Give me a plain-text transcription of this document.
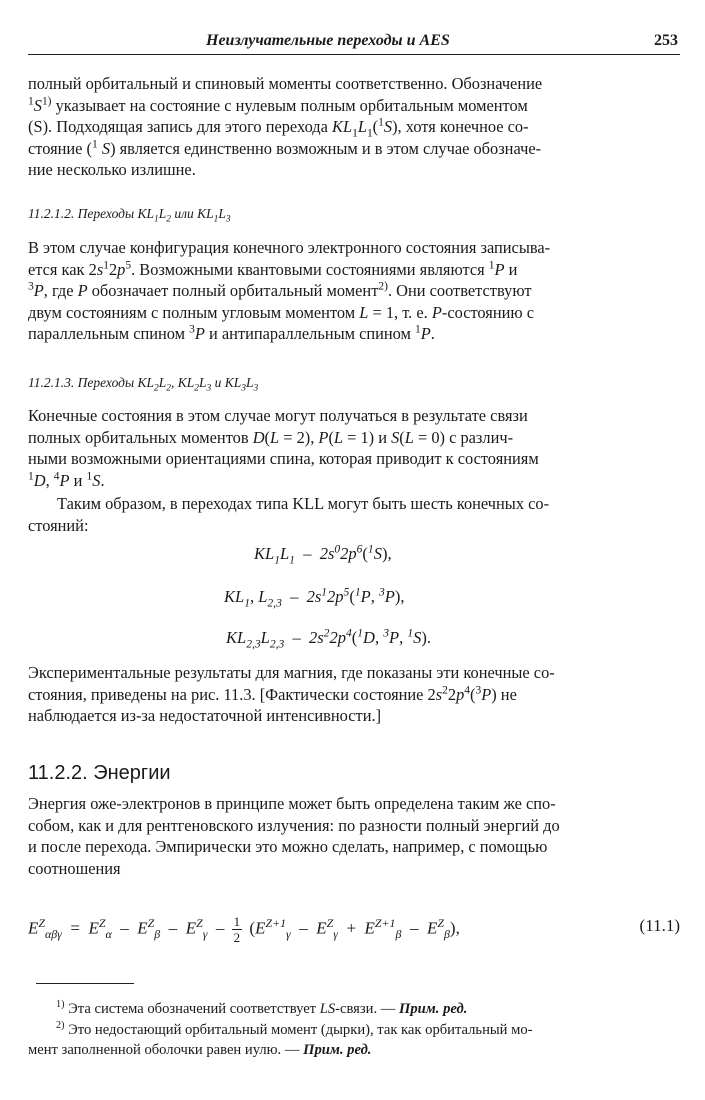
Неизлучательные переходы и AES	253
полный орбитальный и спиновый моменты соответственно. Обозначение
$^1S^{1)}$ указывает на состояние с нулевым полным орбитальным моментом
(S). Подходящая запись для этого перехода $KL_1L_1(^1S)$, хотя конечное со-
стояние ($^1$ S) является единственно возможным и в этом случае обозначе-
ние несколько излишне.
11.2.1.2. Переходы $KL_1L_2$ или $KL_1L_3$
В этом случае конфигурация конечного электронного состояния записыва-
ется как $2s^12p^5$. Возможными квантовыми состояниями являются $^1$P и
$^3$P, где P обозначает полный орбитальный момент$^{2)}$. Они соответствуют
двум состояниям с полным угловым моментом L = 1, т. е. P-состоянию с
параллельным спином $^3$P и антипараллельным спином $^1$P.
11.2.1.3. Переходы $KL_2L_2$, $KL_2L_3$ и $KL_3L_3$
Конечные состояния в этом случае могут получаться в результате связи
полных орбитальных моментов D(L = 2), P(L = 1) и S(L = 0) с различ-
ными возможными ориентациями спина, которая приводит к состояниям
$^1$D, $^4$P и $^1$S.
Таким образом, в переходах типа KLL могут быть шесть конечных со-
стояний:
$KL_1L_1 - 2s^02p^6(^1S)$,
$KL_1$, $L_{2,3} - 2s^12p^5(^1P$, $^3$P),
$KL_{2,3}L_{2,3} - 2s^22p^4(^1D$, $^3$P, $^1$S).
Экспериментальные результаты для магния, где показаны эти конечные со-
стояния, приведены на рис. 11.3. [Фактически состояние $2s^22p^4(^3P)$ не
наблюдается из-за недостаточной интенсивности.]
11.2.2. Энергии
Энергия оже-электронов в принципе может быть определена таким же спо-
собом, как и для рентгеновского излучения: по разности полный энергий до
и после перехода. Эмпирически это можно сделать, например, с помощью
соотношения
$E^Z_{\alpha\beta\gamma} = E^Z_\alpha - E^Z_\beta - E^Z_\gamma - \frac{1}{2} (E^{Z+1}_\gamma - E^Z_\gamma + E^{Z+1}_\beta - E^Z_\beta)$,	(11.1)
$^{1)}$ Эта система обозначений соответствует LS-связи. — Прим. ред.
$^{2)}$ Это недостающий орбитальный момент (дырки), так как орбитальный мо-
мент заполненной оболочки равен иулю. — Прим. ред.
